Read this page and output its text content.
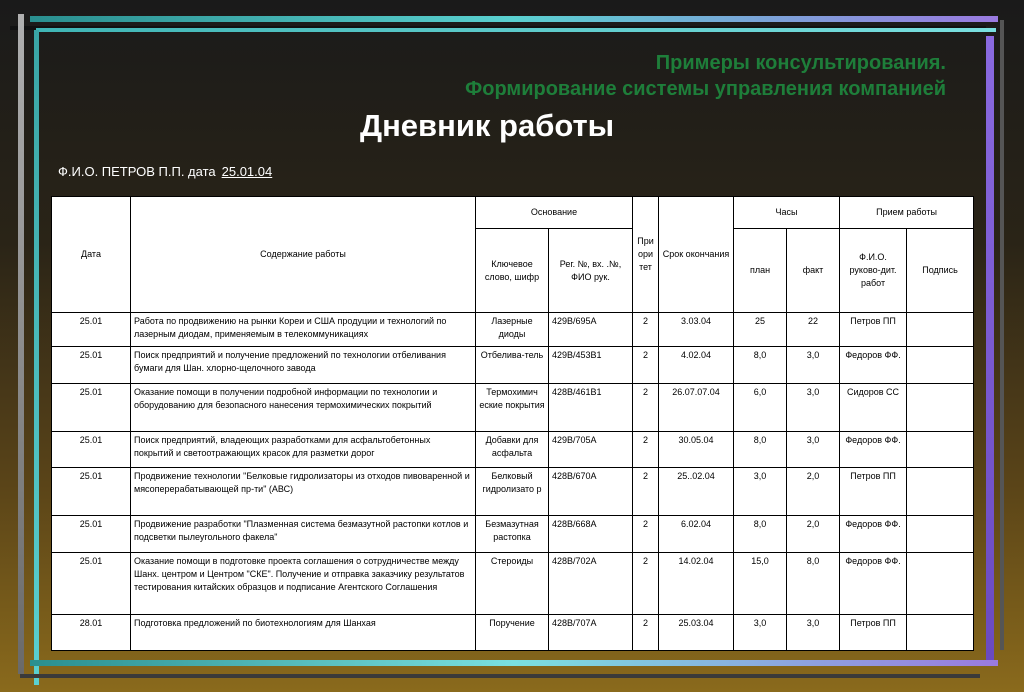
Примеры консультирования.
Формирование системы управления компанией
Дневник работы
Ф.И.О. ПЕТРОВ П.П. дата 25.01.04
Дата	Содержание работы	Основание		Приоритет	Срок окончания	Часы		Прием работы	
		Ключевое слово, шифр	Рег. №, вх. .№, ФИО рук.			план	факт	Ф.И.О. руково-дит. работ	Подпись
25.01	Работа по продвижению на рынки Кореи и США продуции и технологий по лазерным диодам, применяемым в телекоммуникациях	Лазерные диоды	429В/695А	2	3.03.04	25	22	Петров ПП	
25.01	Поиск предприятий и получение предложений по технологии отбеливания бумаги для Шан. хлорно-щелочного завода	Отбелива-тель	429В/453В1	2	4.02.04	8,0	3,0	Федоров ФФ.	
25.01	Оказание помощи в получении подробной информации по технологии и оборудованию для безопасного нанесения термохимических покрытий	Термохимич еские покрытия	428В/461В1	2	26.07.07.04	6,0	3,0	Сидоров СС	
25.01	Поиск предприятий, владеющих разработками для асфальтобетонных покрытий и светоотражающих красок для разметки дорог	Добавки для асфальта	429В/705А	2	30.05.04	8,0	3,0	Федоров ФФ.	
25.01	Продвижение технологии "Белковые гидролизаторы из отходов пивоваренной и мясоперерабатывающей пр-ти" (АВС)	Белковый гидролизато р	428В/670А	2	25..02.04	3,0	2,0	Петров ПП	
25.01	Продвижение разработки "Плазменная система безмазутной растопки котлов и подсветки пылеугольного факела"	Безмазутная растопка	428В/668А	2	6.02.04	8,0	2,0	Федоров ФФ.	
25.01	Оказание помощи в подготовке проекта соглашения о сотрудничестве между Шанх. центром и Центром "СКЕ". Получение и отправка заказчику результатов тестирования китайских образцов и подписание Агентского Соглашения	Стероиды	428В/702А	2	14.02.04	15,0	8,0	Федоров ФФ.	
28.01	Подготовка предложений по биотехнологиям для Шанхая	Поручение	428В/707А	2	25.03.04	3,0	3,0	Петров ПП	
